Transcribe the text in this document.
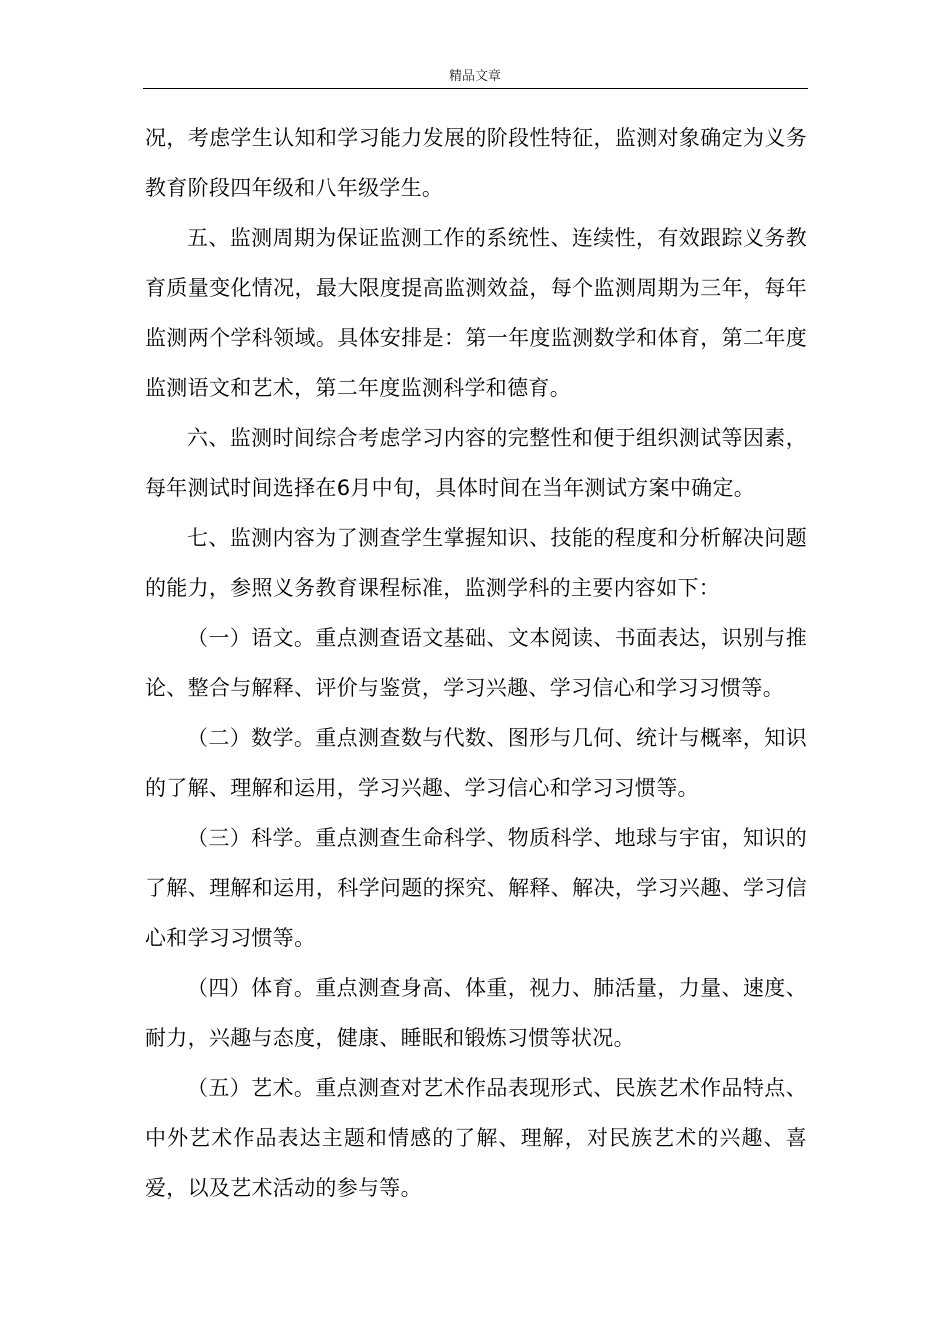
精品文章

况，考虑学生认知和学习能力发展的阶段性特征，监测对象确定为义务教育阶段四年级和八年级学生。

五、监测周期为保证监测工作的系统性、连续性，有效跟踪义务教育质量变化情况，最大限度提高监测效益，每个监测周期为三年，每年监测两个学科领域。具体安排是：第一年度监测数学和体育，第二年度监测语文和艺术，第二年度监测科学和德育。

六、监测时间综合考虑学习内容的完整性和便于组织测试等因素，每年测试时间选择在6月中旬，具体时间在当年测试方案中确定。

七、监测内容为了测查学生掌握知识、技能的程度和分析解决问题的能力，参照义务教育课程标准，监测学科的主要内容如下：

（一）语文。重点测查语文基础、文本阅读、书面表达，识别与推论、整合与解释、评价与鉴赏，学习兴趣、学习信心和学习习惯等。

（二）数学。重点测查数与代数、图形与几何、统计与概率，知识的了解、理解和运用，学习兴趣、学习信心和学习习惯等。

（三）科学。重点测查生命科学、物质科学、地球与宇宙，知识的了解、理解和运用，科学问题的探究、解释、解决，学习兴趣、学习信心和学习习惯等。

（四）体育。重点测查身高、体重，视力、肺活量，力量、速度、耐力，兴趣与态度，健康、睡眠和锻炼习惯等状况。

（五）艺术。重点测查对艺术作品表现形式、民族艺术作品特点、中外艺术作品表达主题和情感的了解、理解，对民族艺术的兴趣、喜爱，以及艺术活动的参与等。
